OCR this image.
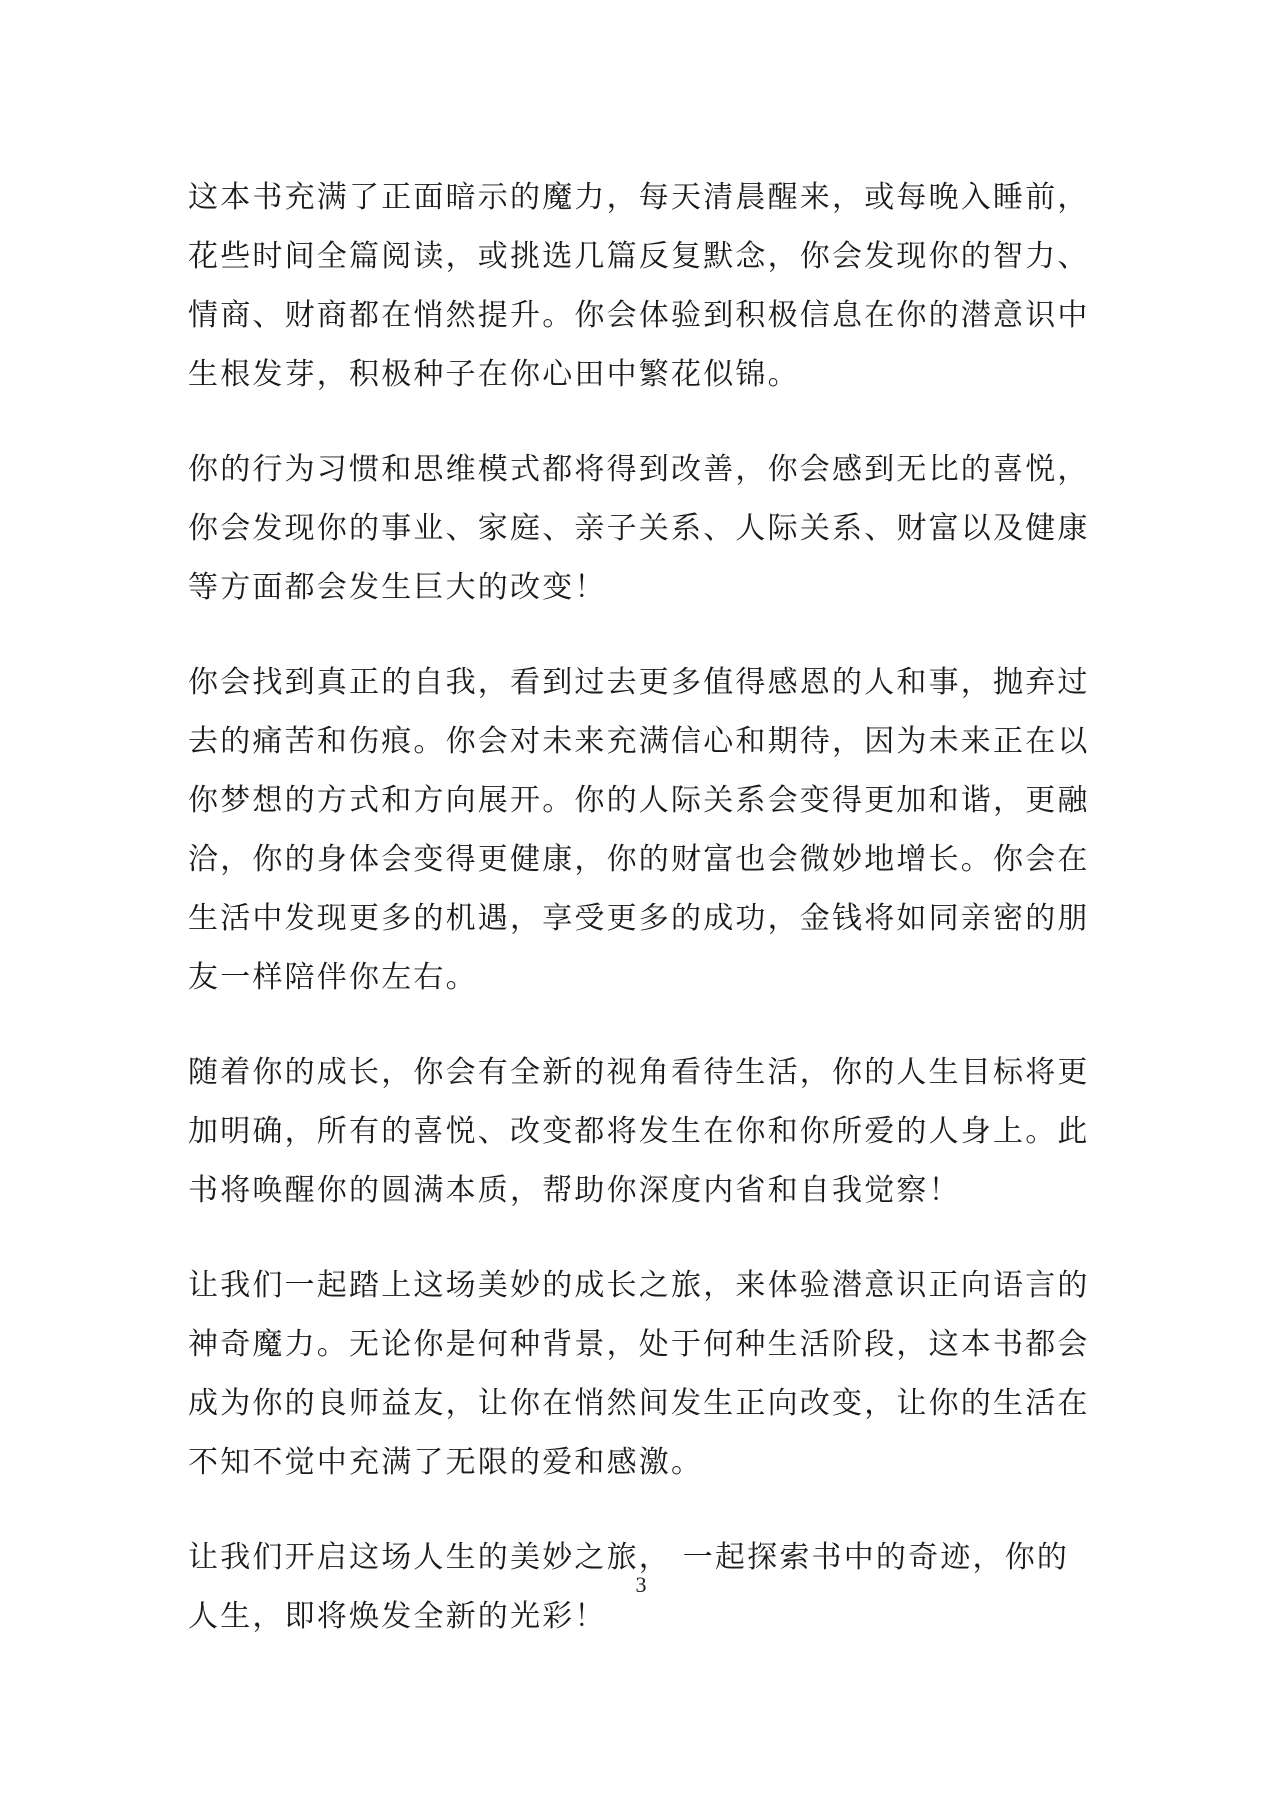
这本书充满了正面暗示的魔力，每天清晨醒来，或每晚入睡前，花些时间全篇阅读，或挑选几篇反复默念，你会发现你的智力、情商、财商都在悄然提升。你会体验到积极信息在你的潜意识中生根发芽，积极种子在你心田中繁花似锦。

你的行为习惯和思维模式都将得到改善，你会感到无比的喜悦，你会发现你的事业、家庭、亲子关系、人际关系、财富以及健康等方面都会发生巨大的改变！

你会找到真正的自我，看到过去更多值得感恩的人和事，抛弃过去的痛苦和伤痕。你会对未来充满信心和期待，因为未来正在以你梦想的方式和方向展开。你的人际关系会变得更加和谐，更融洽，你的身体会变得更健康，你的财富也会微妙地增长。你会在生活中发现更多的机遇，享受更多的成功，金钱将如同亲密的朋友一样陪伴你左右。

随着你的成长，你会有全新的视角看待生活，你的人生目标将更加明确，所有的喜悦、改变都将发生在你和你所爱的人身上。此书将唤醒你的圆满本质，帮助你深度内省和自我觉察！

让我们一起踏上这场美妙的成长之旅，来体验潜意识正向语言的神奇魔力。无论你是何种背景，处于何种生活阶段，这本书都会成为你的良师益友，让你在悄然间发生正向改变，让你的生活在不知不觉中充满了无限的爱和感激。

让我们开启这场人生的美妙之旅， 一起探索书中的奇迹，你的人生，即将焕发全新的光彩！

3
